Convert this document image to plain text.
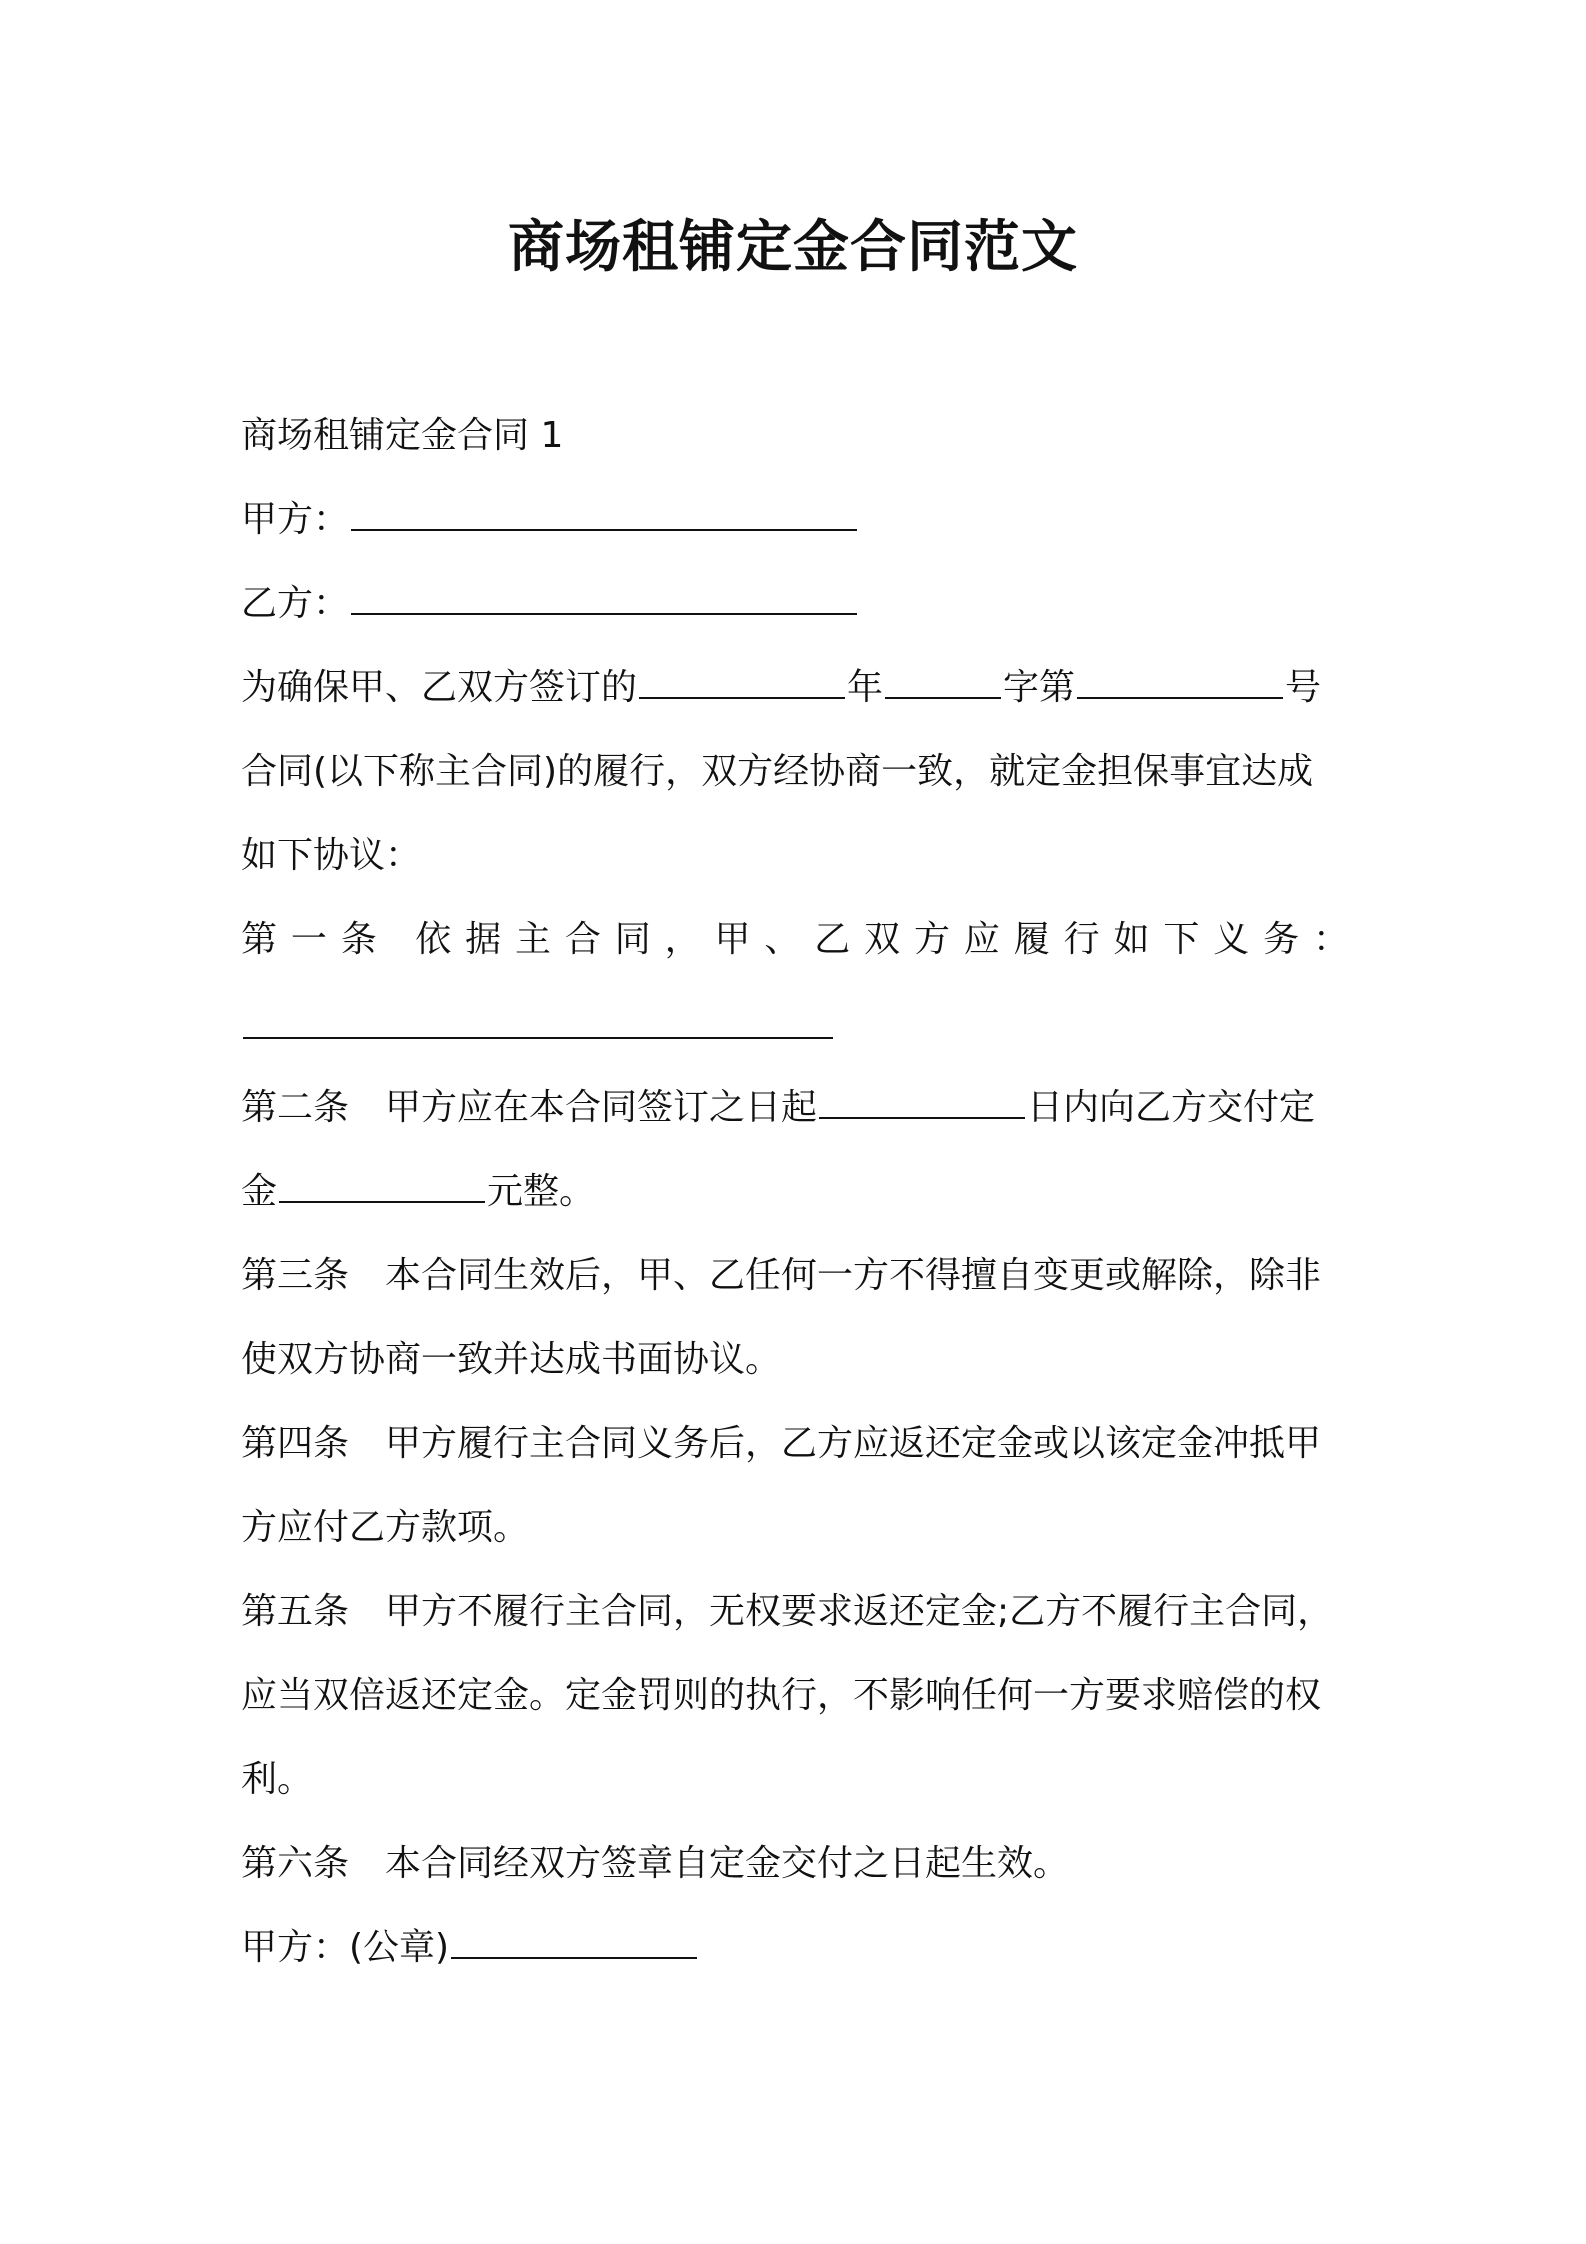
商场租铺定金合同范文
商场租铺定金合同 1
甲方：
乙方：
为确保甲、乙双方签订的	年	字第	号
合同(以下称主合同)的履行，双方经协商一致，就定金担保事宜达成
如下协议：
第 一 条 依 据 主 合 同 ， 甲 、 乙 双 方 应 履 行 如 下 义 务 ：
第二条 甲方应在本合同签订之日起	日内向乙方交付定
金	元整。
第三条 本合同生效后，甲、乙任何一方不得擅自变更或解除，除非
使双方协商一致并达成书面协议。
第四条 甲方履行主合同义务后，乙方应返还定金或以该定金冲抵甲
方应付乙方款项。
第五条 甲方不履行主合同，无权要求返还定金;乙方不履行主合同，
应当双倍返还定金。定金罚则的执行，不影响任何一方要求赔偿的权
利。
第六条 本合同经双方签章自定金交付之日起生效。
甲方：(公章)
